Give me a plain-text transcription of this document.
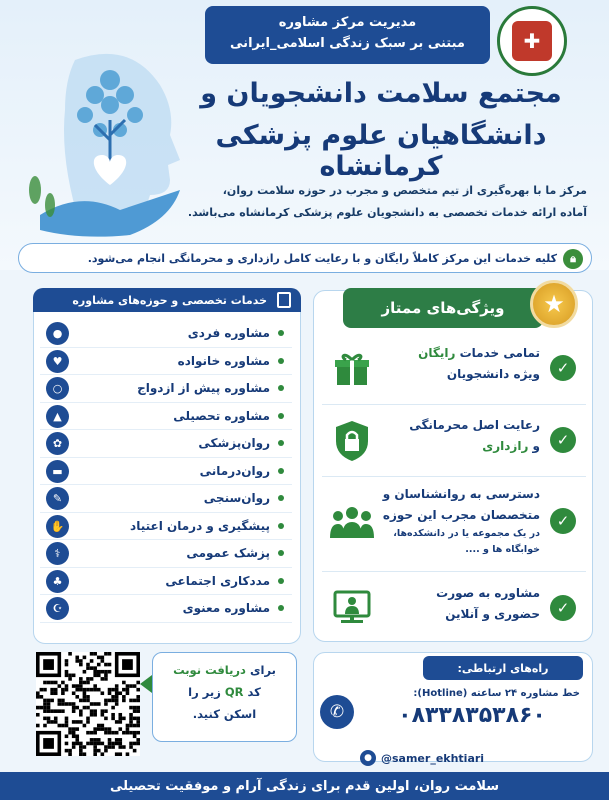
مدیریت مرکز مشاوره
مبتنی بر سبک زندگی اسلامی_ایرانی	✚
مجتمع سلامت دانشجویان و
دانشگاهیان علوم پزشکی کرمانشاه
مرکز ما با بهره‌گیری از تیم متخصص و مجرب در حوزه سلامت روان،
آماده ارائه خدمات تخصصی به دانشجویان علوم پزشکی کرمانشاه می‌باشد.
🔒︎
کلیه خدمات این مرکز کاملاً رایگان و با رعایت کامل رازداری و محرمانگی انجام می‌شود.
ویژگی‌های ممتاز	★
✓
تمامی خدمات رایگان
ویژه دانشجویان
✓
رعایت اصل محرمانگی
و رازداری
✓
دسترسی به روانشناسان و
متخصصان مجرب این حوزه
در یک مجموعه یا در دانشکده‌ها،
خوابگاه ها و ....
✓
مشاوره به صورت
حضوری و آنلاین
خدمات تخصصی و حوزه‌های مشاوره
مشاوره فردی
●
مشاوره خانواده
♥
مشاوره پیش از ازدواج
○
مشاوره تحصیلی
▲
روان‌پزشکی
✿
روان‌درمانی
▬
روان‌سنجی
✎
پیشگیری و درمان اعتیاد
✋
پزشک عمومی
⚕
مددکاری اجتماعی
♣
مشاوره معنوی
☪

برای دریافت نوبت

کد QR زیر را

اسکن کنید.

راه‌های ارتباطی:
خط مشاوره ۲۴ ساعته (Hotline):
✆	۰۸۳۳۸۳۵۳۸۶۰
● @samer_ekhtiari
سلامت روان، اولین قدم برای زندگی آرام و موفقیت تحصیلی
